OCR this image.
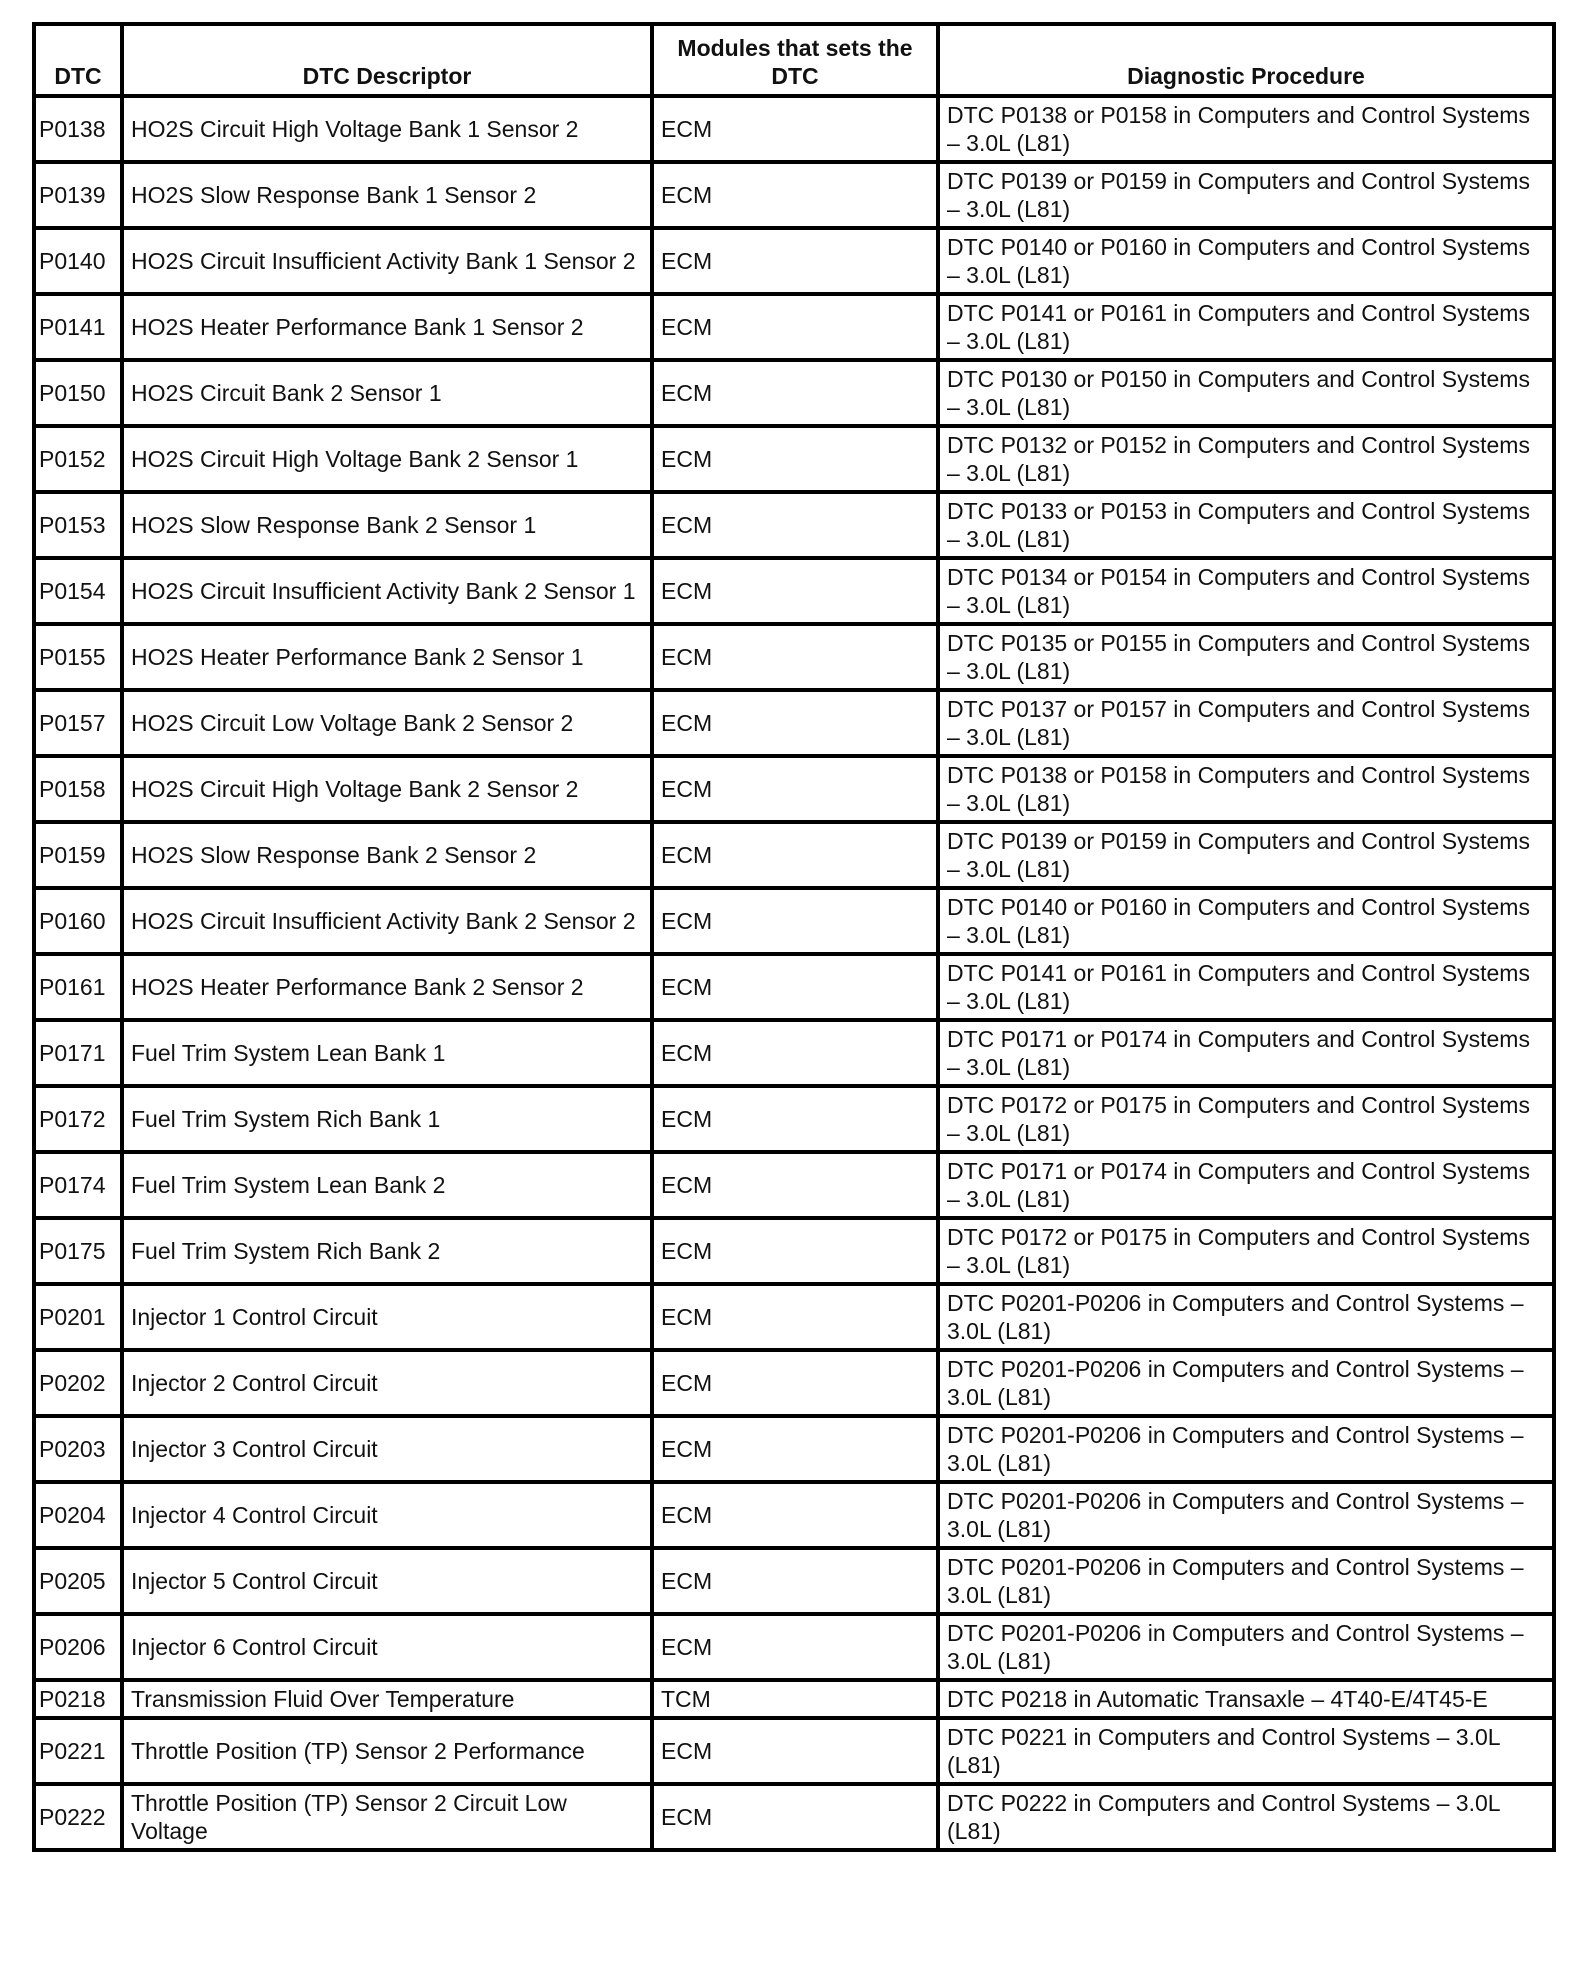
DTC	DTC Descriptor	Modules that sets the DTC	Diagnostic Procedure
P0138	HO2S Circuit High Voltage Bank 1 Sensor 2	ECM	DTC P0138 or P0158 in Computers and Control Systems – 3.0L (L81)
P0139	HO2S Slow Response Bank 1 Sensor 2	ECM	DTC P0139 or P0159 in Computers and Control Systems – 3.0L (L81)
P0140	HO2S Circuit Insufficient Activity Bank 1 Sensor 2	ECM	DTC P0140 or P0160 in Computers and Control Systems – 3.0L (L81)
P0141	HO2S Heater Performance Bank 1 Sensor 2	ECM	DTC P0141 or P0161 in Computers and Control Systems – 3.0L (L81)
P0150	HO2S Circuit Bank 2 Sensor 1	ECM	DTC P0130 or P0150 in Computers and Control Systems – 3.0L (L81)
P0152	HO2S Circuit High Voltage Bank 2 Sensor 1	ECM	DTC P0132 or P0152 in Computers and Control Systems – 3.0L (L81)
P0153	HO2S Slow Response Bank 2 Sensor 1	ECM	DTC P0133 or P0153 in Computers and Control Systems – 3.0L (L81)
P0154	HO2S Circuit Insufficient Activity Bank 2 Sensor 1	ECM	DTC P0134 or P0154 in Computers and Control Systems – 3.0L (L81)
P0155	HO2S Heater Performance Bank 2 Sensor 1	ECM	DTC P0135 or P0155 in Computers and Control Systems – 3.0L (L81)
P0157	HO2S Circuit Low Voltage Bank 2 Sensor 2	ECM	DTC P0137 or P0157 in Computers and Control Systems – 3.0L (L81)
P0158	HO2S Circuit High Voltage Bank 2 Sensor 2	ECM	DTC P0138 or P0158 in Computers and Control Systems – 3.0L (L81)
P0159	HO2S Slow Response Bank 2 Sensor 2	ECM	DTC P0139 or P0159 in Computers and Control Systems – 3.0L (L81)
P0160	HO2S Circuit Insufficient Activity Bank 2 Sensor 2	ECM	DTC P0140 or P0160 in Computers and Control Systems – 3.0L (L81)
P0161	HO2S Heater Performance Bank 2 Sensor 2	ECM	DTC P0141 or P0161 in Computers and Control Systems – 3.0L (L81)
P0171	Fuel Trim System Lean Bank 1	ECM	DTC P0171 or P0174 in Computers and Control Systems – 3.0L (L81)
P0172	Fuel Trim System Rich Bank 1	ECM	DTC P0172 or P0175 in Computers and Control Systems – 3.0L (L81)
P0174	Fuel Trim System Lean Bank 2	ECM	DTC P0171 or P0174 in Computers and Control Systems – 3.0L (L81)
P0175	Fuel Trim System Rich Bank 2	ECM	DTC P0172 or P0175 in Computers and Control Systems – 3.0L (L81)
P0201	Injector 1 Control Circuit	ECM	DTC P0201-P0206 in Computers and Control Systems – 3.0L (L81)
P0202	Injector 2 Control Circuit	ECM	DTC P0201-P0206 in Computers and Control Systems – 3.0L (L81)
P0203	Injector 3 Control Circuit	ECM	DTC P0201-P0206 in Computers and Control Systems – 3.0L (L81)
P0204	Injector 4 Control Circuit	ECM	DTC P0201-P0206 in Computers and Control Systems – 3.0L (L81)
P0205	Injector 5 Control Circuit	ECM	DTC P0201-P0206 in Computers and Control Systems – 3.0L (L81)
P0206	Injector 6 Control Circuit	ECM	DTC P0201-P0206 in Computers and Control Systems – 3.0L (L81)
P0218	Transmission Fluid Over Temperature	TCM	DTC P0218 in Automatic Transaxle – 4T40-E/4T45-E
P0221	Throttle Position (TP) Sensor 2 Performance	ECM	DTC P0221 in Computers and Control Systems – 3.0L (L81)
P0222	Throttle Position (TP) Sensor 2 Circuit Low Voltage	ECM	DTC P0222 in Computers and Control Systems – 3.0L (L81)
